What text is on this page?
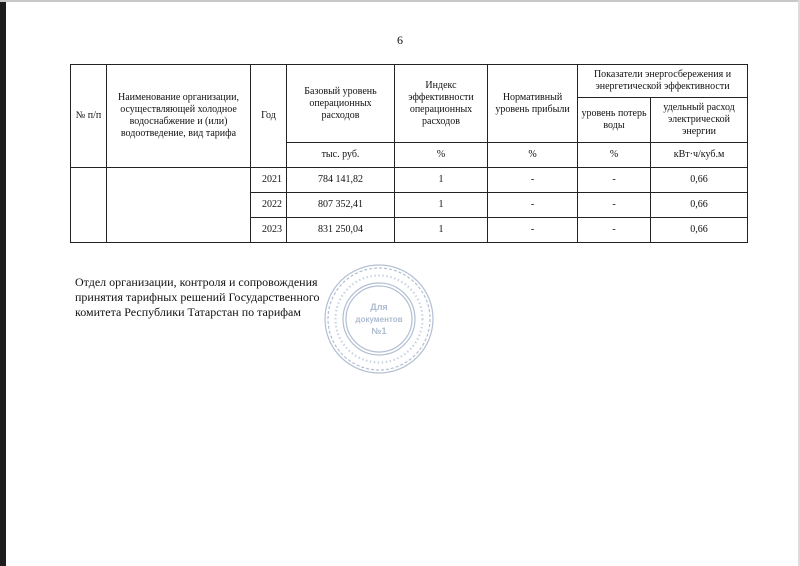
6
№ п/п	Наименование организации, осуществляющей холодное водоснабжение и (или) водоотведение, вид тарифа	Год	Базовый уровень операционных расходов	Индекс эффективности операционных расходов	Нормативный уровень прибыли	Показатели энергосбережения и энергетической эффективности	
						уровень потерь воды	удельный расход электрической энергии
			тыс. руб.	%	%	%	кВт·ч/куб.м
		2021	784 141,82	1	-	-	0,66
		2022	807 352,41	1	-	-	0,66
		2023	831 250,04	1	-	-	0,66
Отдел организации, контроля и сопровождения
принятия тарифных решений Государственного
комитета Республики Татарстан по тарифам	Для
документов
№1
